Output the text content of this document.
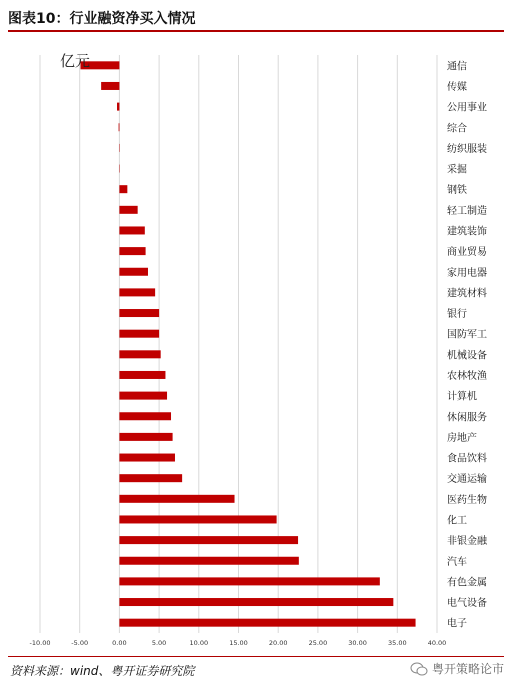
图表10：行业融资净买入情况
-10.00	-5.00	0.00	5.00	10.00	15.00	20.00	25.00	30.00	35.00	40.00
通信
传媒
公用事业
综合
纺织服装
采掘
钢铁
轻工制造
建筑装饰
商业贸易
家用电器
建筑材料
银行
国防军工
机械设备
农林牧渔
计算机
休闲服务
房地产
食品饮料
交通运输
医药生物
化工
非银金融
汽车
有色金属
电气设备
电子
亿元
资料来源：wind、粤开证券研究院	粤开策略论市
